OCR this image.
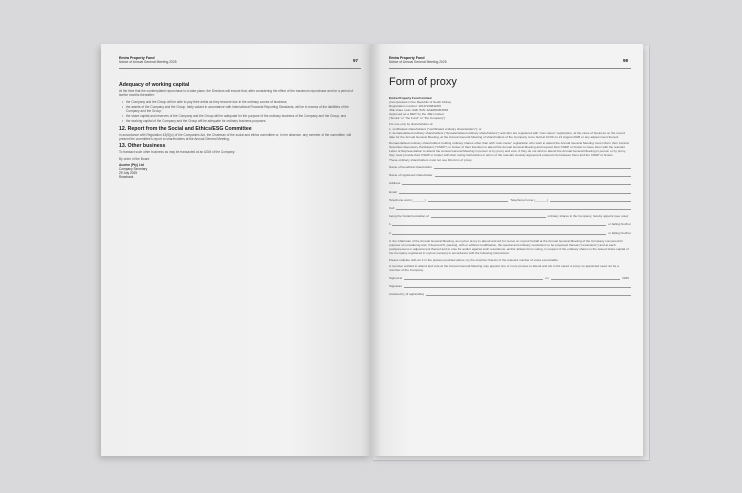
Emira Property Fund
Notice of Annual General Meeting 2025	97
Adequacy of working capital
At the time that the contemplated repurchase is to take place, the Directors will ensure that, after considering the effect of the maximum repurchase and for a period of twelve months thereafter:
• the Company and the Group will be able to pay their debts as they become due in the ordinary course of business;
• the assets of the Company and the Group, fairly valued in accordance with International Financial Reporting Standards, will be in excess of the liabilities of the Company and the Group;
• the share capital and reserves of the Company and the Group will be adequate for the purpose of the ordinary business of the Company and the Group; and
• the working capital of the Company and the Group will be adequate for ordinary business purposes.
12. Report from the Social and Ethics/ESG Committee
In accordance with Regulation 43(5)(c) of the Companies Act, the Chairman of the social and ethics committee or, in her absence, any member of the committee, will present the committee's report to shareholders at the Annual General Meeting.
13. Other business
To transact such other business as may be transacted at an AGM of the Company.
By order of the Board
Acorim (Pty) Ltd
Company Secretary
29 July 2025
Rosebank
Emira Property Fund
Notice of Annual General Meeting 2025	98
Form of proxy
Emira Property Fund Limited
(Incorporated in the Republic of South Africa)
Registration number: 2014/130842/06
JSE share code: EMI ISIN: ZAE000203063
Approved as a REIT by the JSE Limited
("Emira" or "the Fund" or "the Company")
For use only by shareholders of:
1. certificated shareholders ("certificated ordinary shareholders"); or
2. dematerialised ordinary shareholders ("dematerialised ordinary shareholders") and who are registered with "own-name" registration, at the close of business on the record date for the Annual General Meeting, at the Annual General Meeting of shareholders of the Company to be held at 10:00 on 21 August 2025 or any adjournment thereof.
Dematerialised ordinary shareholders holding ordinary shares other than with "own-name" registration who wish to attend the Annual General Meeting must inform their Central Securities Depository Participant ("CSDP") or broker of their intention to attend the Annual General Meeting and request their CSDP or broker to issue them with the relevant Letter of Representation to attend the Annual General Meeting in person or by proxy and vote. If they do not wish to attend the Annual General Meeting in person or by proxy, they must provide their CSDP or broker with their voting instructions in terms of the relevant custody agreement entered into between them and the CSDP or broker.
These ordinary shareholders must not use this form of proxy.
Name of beneficial shareholder
Name of registered shareholder
Address
Email
Telephone work (_______)	Telephone home (_______)
Cell
being the holder/custodian of	ordinary shares in the Company, hereby appoint (see note):
1.	or failing him/her
2.	or failing him/her
3. the Chairman of the Annual General Meeting, as my/our proxy to attend and act for me/us on my/our behalf at the Annual General Meeting of the Company convened for purpose of considering and, if deemed fit, passing, with or without modification, the special and ordinary resolutions to be proposed thereat ("resolutions") and at each postponement or adjournment thereof and to vote for and/or against such resolutions, and/or abstain from voting, in respect of the ordinary shares in the issued share capital of the Company registered in my/our name(s) in accordance with the following instructions:
Please indicate with an X in the spaces provided above, by the insertion therein of the relevant number of votes exercisable.
A member entitled to attend and vote at the Annual General Meeting may appoint one or more proxies to attend and act in his stead. A proxy so appointed need not be a member of the Company.
Signed at	on	2025
Signature
Assisted by (if applicable)
